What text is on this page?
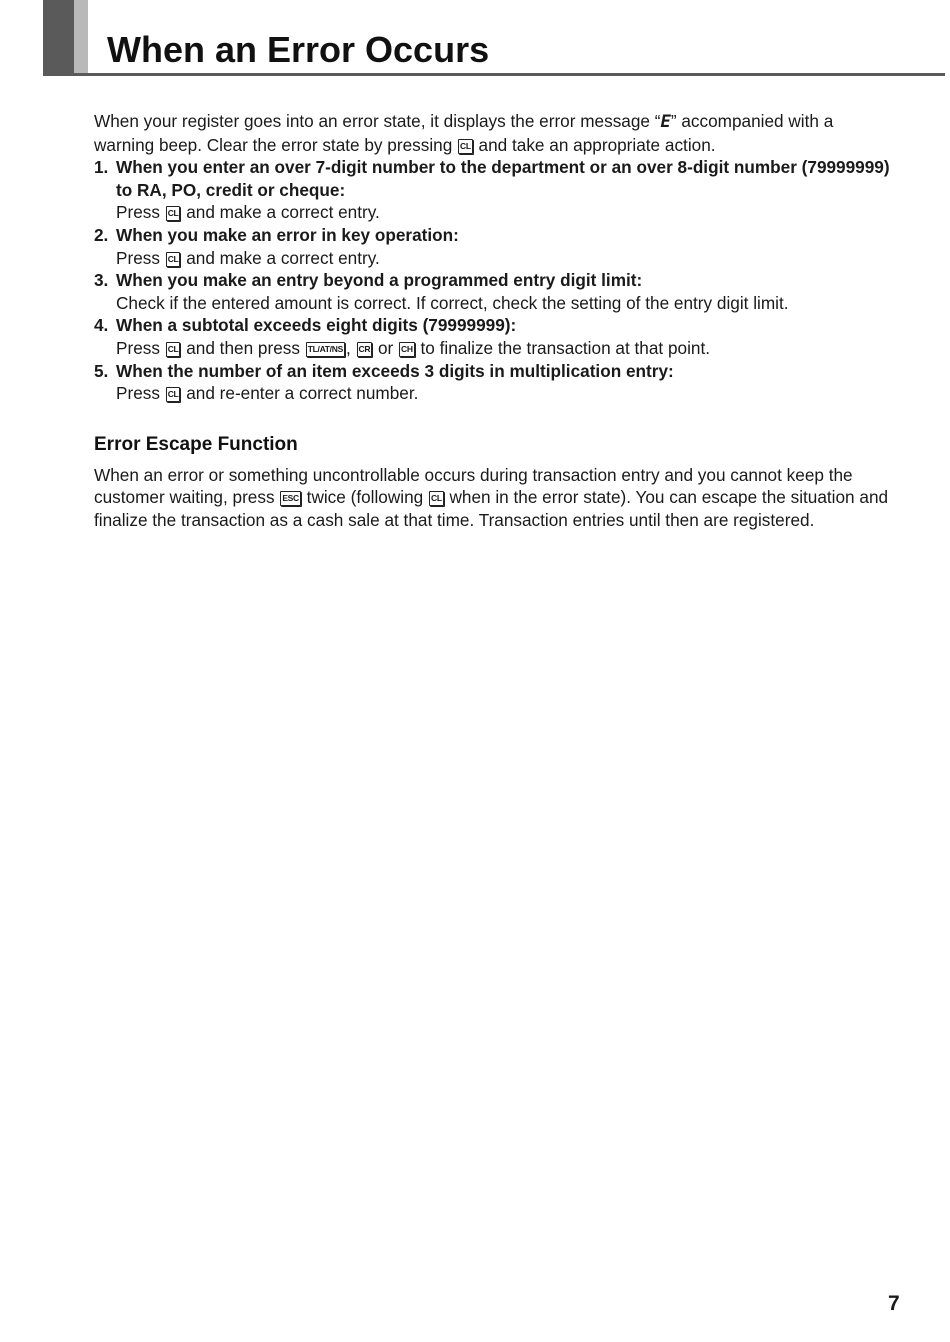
When an Error Occurs

When your register goes into an error state, it displays the error message “E” accompanied with a warning beep. Clear the error state by pressing CL and take an appropriate action.

1. When you enter an over 7-digit number to the department or an over 8-digit number (79999999) to RA, PO, credit or cheque:
Press CL and make a correct entry.
2. When you make an error in key operation:
Press CL and make a correct entry.
3. When you make an entry beyond a programmed entry digit limit:
Check if the entered amount is correct. If correct, check the setting of the entry digit limit.
4. When a subtotal exceeds eight digits (79999999):
Press CL and then press TL/AT/NS , CR or CH to finalize the transaction at that point.
5. When the number of an item exceeds 3 digits in multiplication entry:
Press CL and re-enter a correct number.
Error Escape Function

When an error or something uncontrollable occurs during transaction entry and you cannot keep the customer waiting, press ESC twice (following CL when in the error state). You can escape the situation and finalize the transaction as a cash sale at that time. Transaction entries until then are registered.

7
